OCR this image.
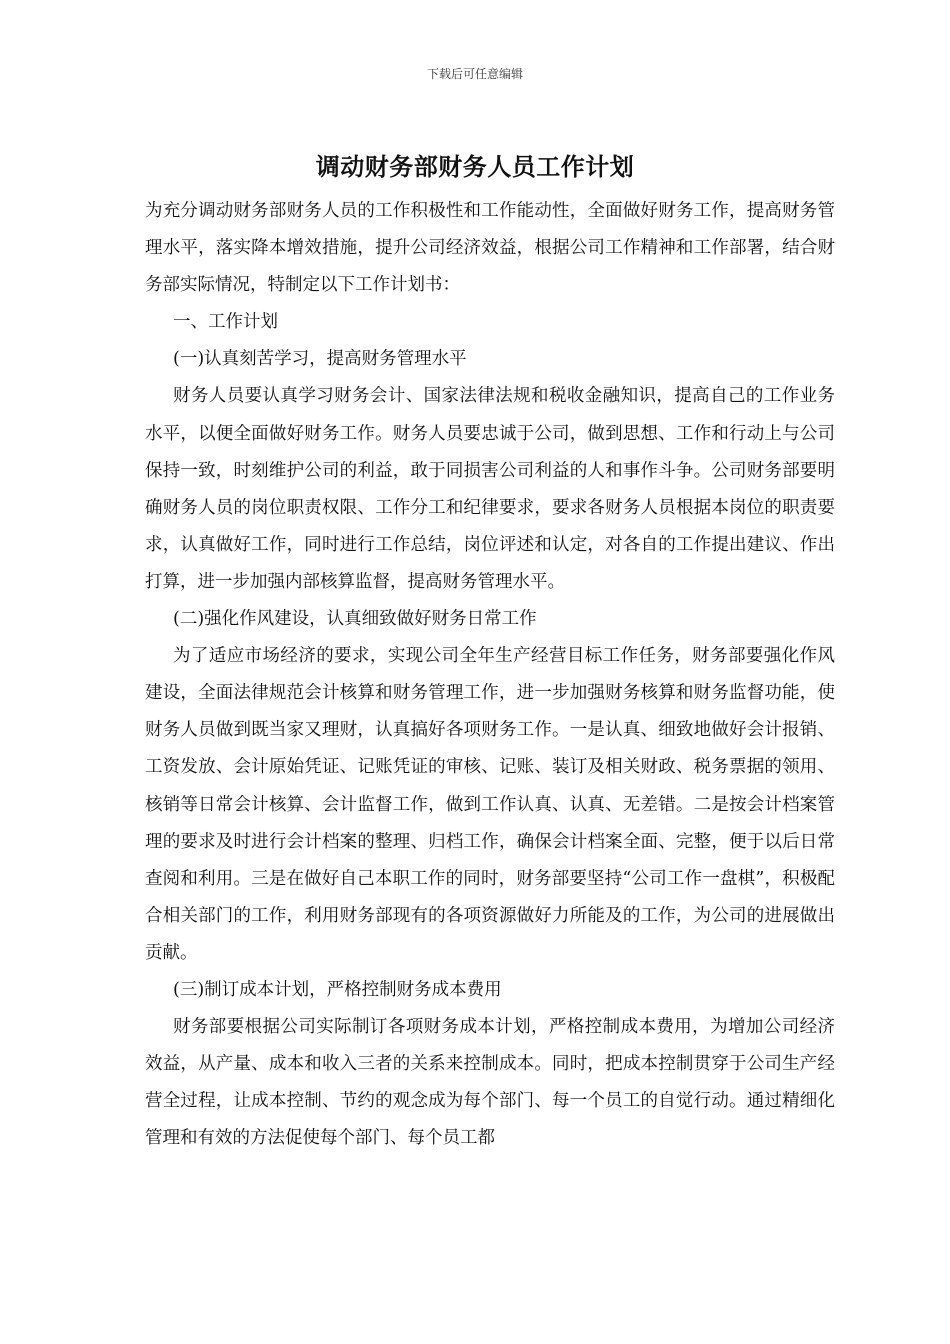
下载后可任意编辑
调动财务部财务人员工作计划

为充分调动财务部财务人员的工作积极性和工作能动性，全面做好财务工作，提高财务管理水平，落实降本增效措施，提升公司经济效益，根据公司工作精神和工作部署，结合财务部实际情况，特制定以下工作计划书：

一、工作计划

(一)认真刻苦学习，提高财务管理水平

财务人员要认真学习财务会计、国家法律法规和税收金融知识，提高自己的工作业务水平，以便全面做好财务工作。财务人员要忠诚于公司，做到思想、工作和行动上与公司保持一致，时刻维护公司的利益，敢于同损害公司利益的人和事作斗争。公司财务部要明确财务人员的岗位职责权限、工作分工和纪律要求，要求各财务人员根据本岗位的职责要求，认真做好工作，同时进行工作总结，岗位评述和认定，对各自的工作提出建议、作出打算，进一步加强内部核算监督，提高财务管理水平。

(二)强化作风建设，认真细致做好财务日常工作

为了适应市场经济的要求，实现公司全年生产经营目标工作任务，财务部要强化作风建设，全面法律规范会计核算和财务管理工作，进一步加强财务核算和财务监督功能，使财务人员做到既当家又理财，认真搞好各项财务工作。一是认真、细致地做好会计报销、工资发放、会计原始凭证、记账凭证的审核、记账、装订及相关财政、税务票据的领用、核销等日常会计核算、会计监督工作，做到工作认真、认真、无差错。二是按会计档案管理的要求及时进行会计档案的整理、归档工作，确保会计档案全面、完整，便于以后日常查阅和利用。三是在做好自己本职工作的同时，财务部要坚持“公司工作一盘棋”，积极配合相关部门的工作，利用财务部现有的各项资源做好力所能及的工作，为公司的进展做出贡献。

(三)制订成本计划，严格控制财务成本费用

财务部要根据公司实际制订各项财务成本计划，严格控制成本费用，为增加公司经济效益，从产量、成本和收入三者的关系来控制成本。同时，把成本控制贯穿于公司生产经营全过程，让成本控制、节约的观念成为每个部门、每一个员工的自觉行动。通过精细化管理和有效的方法促使每个部门、每个员工都
